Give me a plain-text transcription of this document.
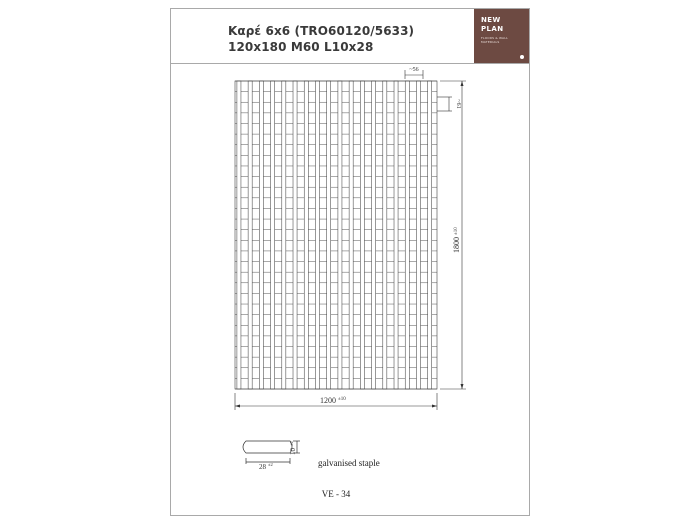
Καρέ 6x6 (TRO60120/5633)
120x180 M60 L10x28
NEW
PLAN
FLOORS & WALL MATERIALS
~56
~61
1800
±10
1200 ±10
28 ±2
10
±2
galvanised staple
VE - 34
